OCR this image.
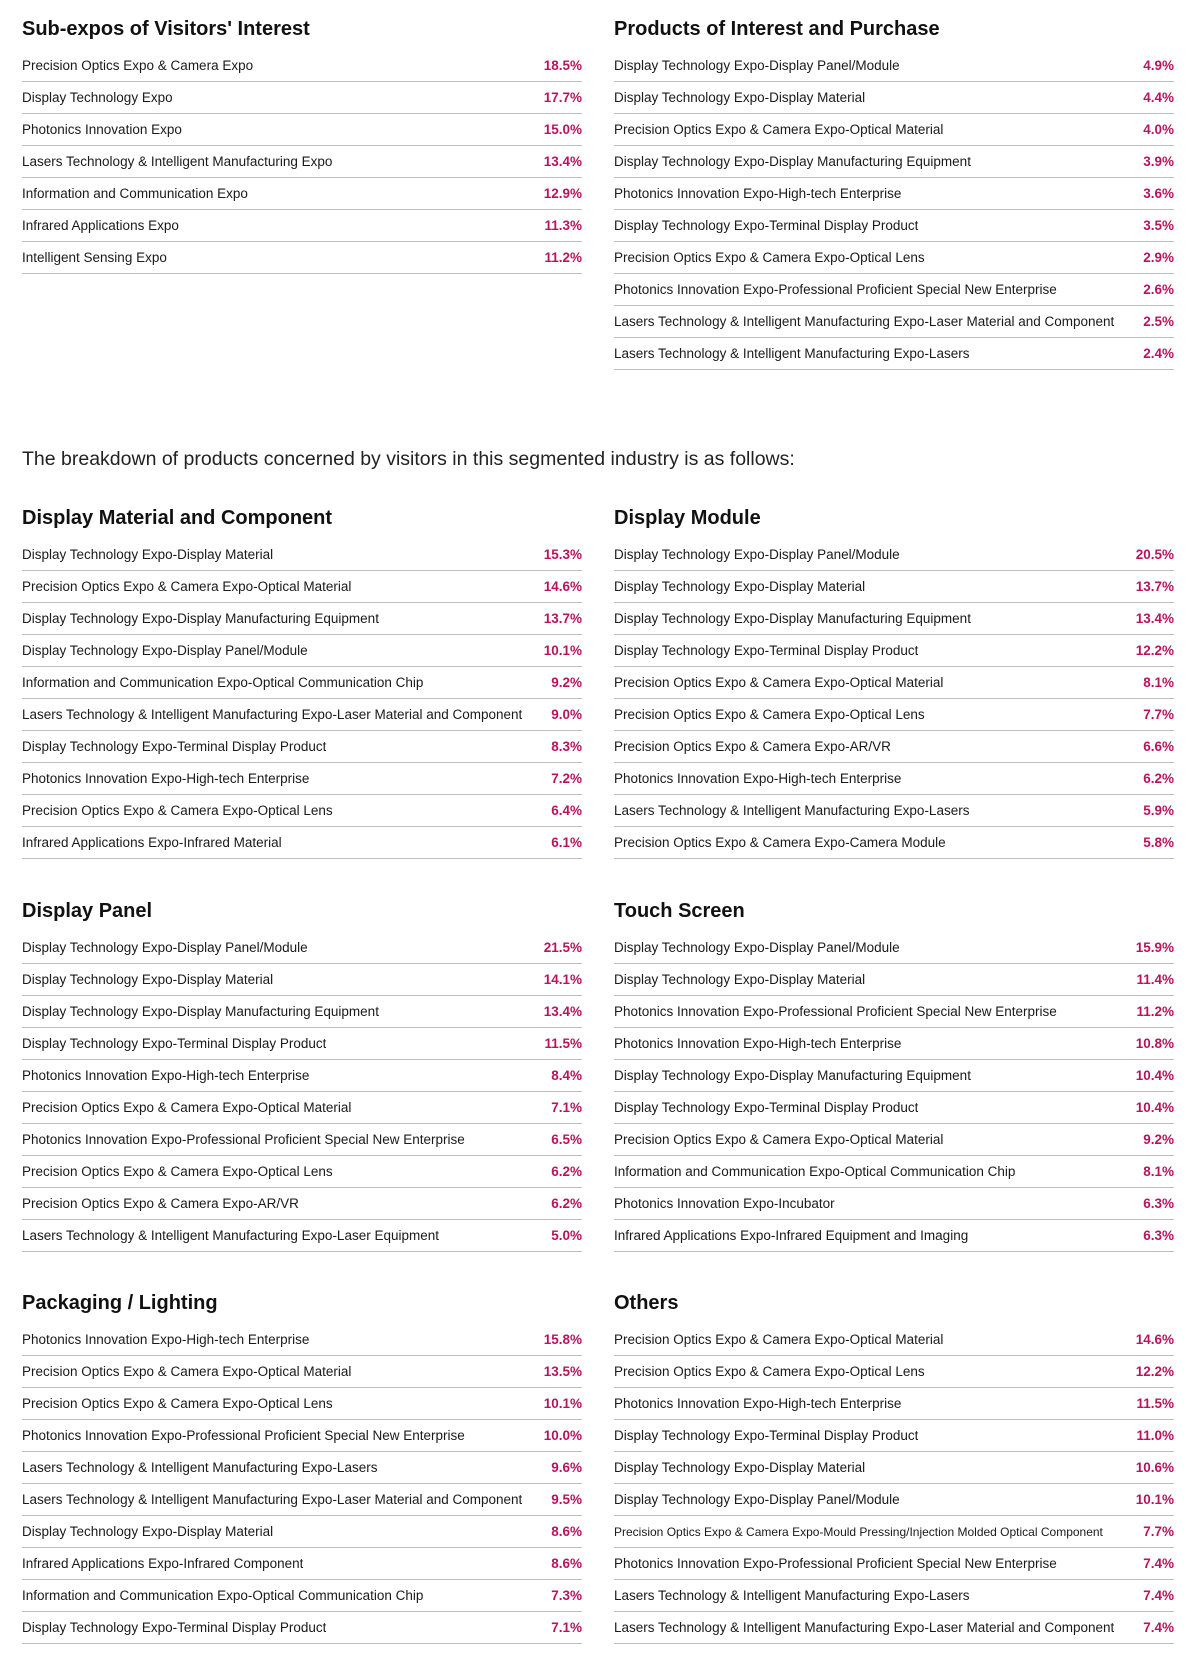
Sub-expos of Visitors' Interest
Precision Optics Expo & Camera Expo	18.5%
Display Technology Expo	17.7%
Photonics Innovation Expo	15.0%
Lasers Technology & Intelligent Manufacturing Expo	13.4%
Information and Communication Expo	12.9%
Infrared Applications Expo	11.3%
Intelligent Sensing Expo	11.2%
Products of Interest and Purchase
Display Technology Expo-Display Panel/Module	4.9%
Display Technology Expo-Display Material	4.4%
Precision Optics Expo & Camera Expo-Optical Material	4.0%
Display Technology Expo-Display Manufacturing Equipment	3.9%
Photonics Innovation Expo-High-tech Enterprise	3.6%
Display Technology Expo-Terminal Display Product	3.5%
Precision Optics Expo & Camera Expo-Optical Lens	2.9%
Photonics Innovation Expo-Professional Proficient Special New Enterprise	2.6%
Lasers Technology & Intelligent Manufacturing Expo-Laser Material and Component	2.5%
Lasers Technology & Intelligent Manufacturing Expo-Lasers	2.4%

The breakdown of products concerned by visitors in this segmented industry is as follows:

Display Material and Component
Display Technology Expo-Display Material	15.3%
Precision Optics Expo & Camera Expo-Optical Material	14.6%
Display Technology Expo-Display Manufacturing Equipment	13.7%
Display Technology Expo-Display Panel/Module	10.1%
Information and Communication Expo-Optical Communication Chip	9.2%
Lasers Technology & Intelligent Manufacturing Expo-Laser Material and Component	9.0%
Display Technology Expo-Terminal Display Product	8.3%
Photonics Innovation Expo-High-tech Enterprise	7.2%
Precision Optics Expo & Camera Expo-Optical Lens	6.4%
Infrared Applications Expo-Infrared Material	6.1%
Display Module
Display Technology Expo-Display Panel/Module	20.5%
Display Technology Expo-Display Material	13.7%
Display Technology Expo-Display Manufacturing Equipment	13.4%
Display Technology Expo-Terminal Display Product	12.2%
Precision Optics Expo & Camera Expo-Optical Material	8.1%
Precision Optics Expo & Camera Expo-Optical Lens	7.7%
Precision Optics Expo & Camera Expo-AR/VR	6.6%
Photonics Innovation Expo-High-tech Enterprise	6.2%
Lasers Technology & Intelligent Manufacturing Expo-Lasers	5.9%
Precision Optics Expo & Camera Expo-Camera Module	5.8%
Display Panel
Display Technology Expo-Display Panel/Module	21.5%
Display Technology Expo-Display Material	14.1%
Display Technology Expo-Display Manufacturing Equipment	13.4%
Display Technology Expo-Terminal Display Product	11.5%
Photonics Innovation Expo-High-tech Enterprise	8.4%
Precision Optics Expo & Camera Expo-Optical Material	7.1%
Photonics Innovation Expo-Professional Proficient Special New Enterprise	6.5%
Precision Optics Expo & Camera Expo-Optical Lens	6.2%
Precision Optics Expo & Camera Expo-AR/VR	6.2%
Lasers Technology & Intelligent Manufacturing Expo-Laser Equipment	5.0%
Touch Screen
Display Technology Expo-Display Panel/Module	15.9%
Display Technology Expo-Display Material	11.4%
Photonics Innovation Expo-Professional Proficient Special New Enterprise	11.2%
Photonics Innovation Expo-High-tech Enterprise	10.8%
Display Technology Expo-Display Manufacturing Equipment	10.4%
Display Technology Expo-Terminal Display Product	10.4%
Precision Optics Expo & Camera Expo-Optical Material	9.2%
Information and Communication Expo-Optical Communication Chip	8.1%
Photonics Innovation Expo-Incubator	6.3%
Infrared Applications Expo-Infrared Equipment and Imaging	6.3%
Packaging / Lighting
Photonics Innovation Expo-High-tech Enterprise	15.8%
Precision Optics Expo & Camera Expo-Optical Material	13.5%
Precision Optics Expo & Camera Expo-Optical Lens	10.1%
Photonics Innovation Expo-Professional Proficient Special New Enterprise	10.0%
Lasers Technology & Intelligent Manufacturing Expo-Lasers	9.6%
Lasers Technology & Intelligent Manufacturing Expo-Laser Material and Component	9.5%
Display Technology Expo-Display Material	8.6%
Infrared Applications Expo-Infrared Component	8.6%
Information and Communication Expo-Optical Communication Chip	7.3%
Display Technology Expo-Terminal Display Product	7.1%
Others
Precision Optics Expo & Camera Expo-Optical Material	14.6%
Precision Optics Expo & Camera Expo-Optical Lens	12.2%
Photonics Innovation Expo-High-tech Enterprise	11.5%
Display Technology Expo-Terminal Display Product	11.0%
Display Technology Expo-Display Material	10.6%
Display Technology Expo-Display Panel/Module	10.1%
Precision Optics Expo & Camera Expo-Mould Pressing/Injection Molded Optical Component	7.7%
Photonics Innovation Expo-Professional Proficient Special New Enterprise	7.4%
Lasers Technology & Intelligent Manufacturing Expo-Lasers	7.4%
Lasers Technology & Intelligent Manufacturing Expo-Laser Material and Component	7.4%
